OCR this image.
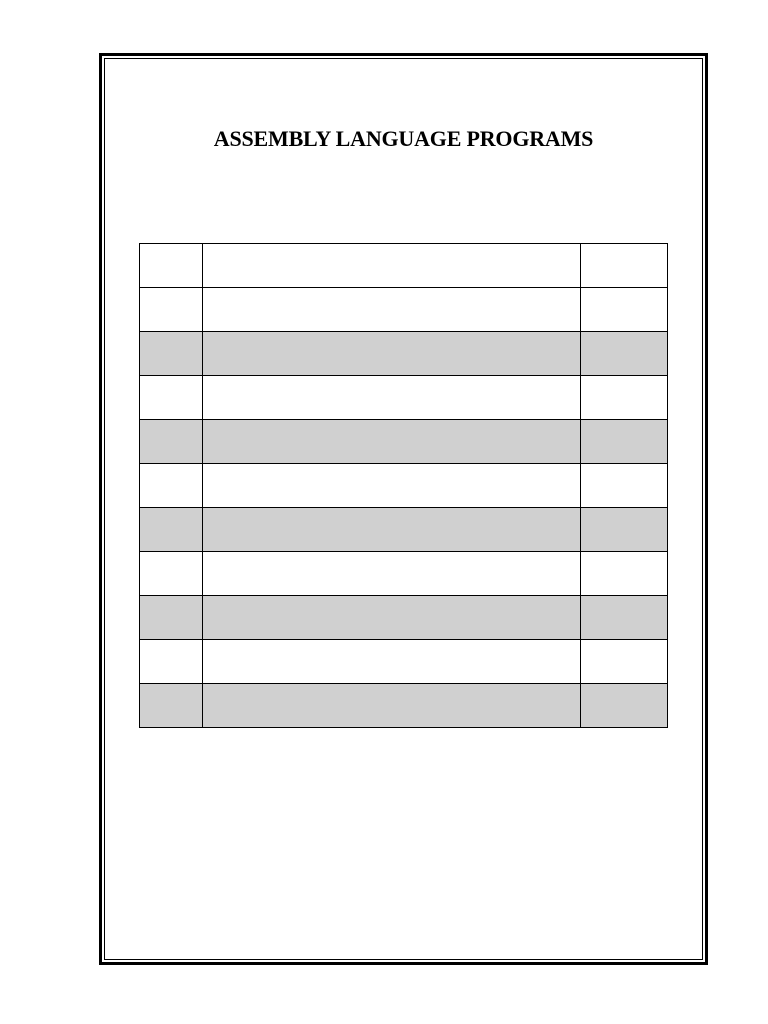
ASSEMBLY LANGUAGE PROGRAMS
